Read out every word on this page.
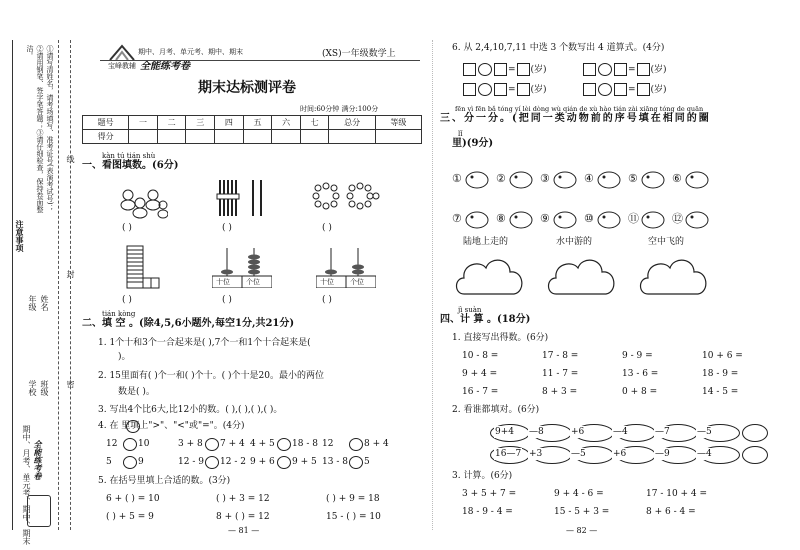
①请写清姓名，请考场填写、准考证号(表演考试号)；②请用钢笔、签字笔答题；③请仔细检查，保持卷面整洁。
注意事项
线
学校 班级
年级 姓名
封
密
期中、月考、单元考、期中、期末 全能练考卷
期中、月考、单元考、期中、期末
宝峰教辅 全能练考卷
(XS)一年级数学上
期末达标测评卷
时间:60分钟 满分:100分
题号	一	二	三	四	五	六	七	总分	等级
得分									
kàn tú tián shù
一、看图填数。(6分)
( )	( )	( )
十位 个位	十位 个位
( )	( )	( )
tián kòng
二、填 空 。(除4,5,6小题外,每空1分,共21分)
1. 1个十和3个一合起来是( ),7个一和1个十合起来是(
)。
2. 15里面有( )个一和( )个十。( )个十是20。最小的两位
数是( )。
3. 写出4个比6大,比12小的数。( ),( ),( ),( )。
4. 在 里填上">"、"<"或"="。(4分)
5. 在括号里填上合适的数。(3分)
— 81 —
6. 从 2,4,10,7,11 中选 3 个数写出 4 道算式。(4分)
fēn yì fēn bǎ tóng yí lèi dòng wù qián de xù hào tián zài xiāng tóng de quān
三、分一分。(把同一类动物前的序号填在相同的圈
lǐ
里)(9分)
陆地上走的	水中游的	空中飞的
jì suàn
四、计 算 。(18分)
1. 直接写出得数。(6分)
2. 看谁都填对。(6分)
3. 计算。(6分)
— 82 —
12 10	3 + 8 7 + 4 4 + 5 18 - 8 12	8 + 4
5	9	12 - 9 12 - 2 9 + 6 9 + 5 13 - 8 5
6 + ( ) = 10	( ) + 3 = 12	( ) + 9 = 18
( ) + 5 = 9	8 + ( ) = 12	15 - ( ) = 10
= (岁)	= (岁)
= (岁)	= (岁)
①	②	③	④	⑤	⑥
⑦	⑧	⑨	⑩	⑪	⑫
10 - 8 =	17 - 8 =	9 - 9 =	10 + 6 =
9 + 4 =	11 - 7 =	13 - 6 =	18 - 9 =
16 - 7 =	8 + 3 =	0 + 8 =	14 - 5 =
9+4 —8	+6	—4	—7	—5
16—7 +3	—5	+6	—9	—4
3 + 5 + 7 =	9 + 4 - 6 =	17 - 10 + 4 =
18 - 9 - 4 =	15 - 5 + 3 =	8 + 6 - 4 =
